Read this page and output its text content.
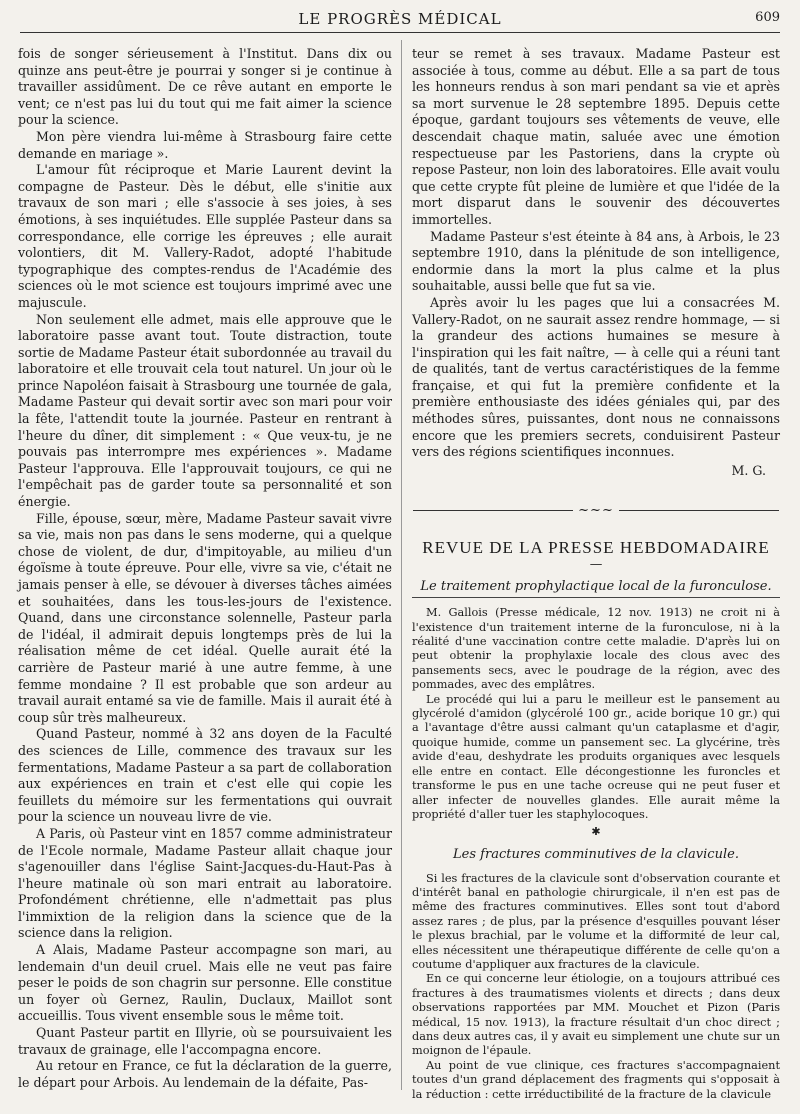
LE PROGRÈS MÉDICAL	609

fois de songer sérieusement à l'Institut. Dans dix ou quinze ans peut-être je pourrai y songer si je continue à travailler assidûment. De ce rêve autant en emporte le vent; ce n'est pas lui du tout qui me fait aimer la science pour la science.

Mon père viendra lui-même à Strasbourg faire cette demande en mariage ».

L'amour fût réciproque et Marie Laurent devint la compagne de Pasteur. Dès le début, elle s'initie aux travaux de son mari ; elle s'associe à ses joies, à ses émotions, à ses inquiétudes. Elle supplée Pasteur dans sa correspondance, elle corrige les épreuves ; elle aurait volontiers, dit M. Vallery-Radot, adopté l'habitude typographique des comptes-rendus de l'Académie des sciences où le mot science est toujours imprimé avec une majuscule.

Non seulement elle admet, mais elle approuve que le laboratoire passe avant tout. Toute distraction, toute sortie de Madame Pasteur était subordonnée au travail du laboratoire et elle trouvait cela tout naturel. Un jour où le prince Napoléon faisait à Strasbourg une tournée de gala, Madame Pasteur qui devait sortir avec son mari pour voir la fête, l'attendit toute la journée. Pasteur en rentrant à l'heure du dîner, dit simplement : « Que veux-tu, je ne pouvais pas interrompre mes expériences ». Madame Pasteur l'approuva. Elle l'approuvait toujours, ce qui ne l'empêchait pas de garder toute sa personnalité et son énergie.

Fille, épouse, sœur, mère, Madame Pasteur savait vivre sa vie, mais non pas dans le sens moderne, qui a quelque chose de violent, de dur, d'impitoyable, au milieu d'un égoïsme à toute épreuve. Pour elle, vivre sa vie, c'était ne jamais penser à elle, se dévouer à diverses tâches aimées et souhaitées, dans les tous-les-jours de l'existence. Quand, dans une circonstance solennelle, Pasteur parla de l'idéal, il admirait depuis longtemps près de lui la réalisation même de cet idéal. Quelle aurait été la carrière de Pasteur marié à une autre femme, à une femme mondaine ? Il est probable que son ardeur au travail aurait entamé sa vie de famille. Mais il aurait été à coup sûr très malheureux.

Quand Pasteur, nommé à 32 ans doyen de la Faculté des sciences de Lille, commence des travaux sur les fermentations, Madame Pasteur a sa part de collaboration aux expériences en train et c'est elle qui copie les feuillets du mémoire sur les fermentations qui ouvrait pour la science un nouveau livre de vie.

A Paris, où Pasteur vint en 1857 comme administrateur de l'Ecole normale, Madame Pasteur allait chaque jour s'agenouiller dans l'église Saint-Jacques-du-Haut-Pas à l'heure matinale où son mari entrait au laboratoire. Profondément chrétienne, elle n'admettait pas plus l'immixtion de la religion dans la science que de la science dans la religion.

A Alais, Madame Pasteur accompagne son mari, au lendemain d'un deuil cruel. Mais elle ne veut pas faire peser le poids de son chagrin sur personne. Elle constitue un foyer où Gernez, Raulin, Duclaux, Maillot sont accueillis. Tous vivent ensemble sous le même toit.

Quant Pasteur partit en Illyrie, où se poursuivaient les travaux de grainage, elle l'accompagna encore.

Au retour en France, ce fut la déclaration de la guerre, le départ pour Arbois. Au lendemain de la défaite, Pas-

teur se remet à ses travaux. Madame Pasteur est associée à tous, comme au début. Elle a sa part de tous les honneurs rendus à son mari pendant sa vie et après sa mort survenue le 28 septembre 1895. Depuis cette époque, gardant toujours ses vêtements de veuve, elle descendait chaque matin, saluée avec une émotion respectueuse par les Pastoriens, dans la crypte où repose Pasteur, non loin des laboratoires. Elle avait voulu que cette crypte fût pleine de lumière et que l'idée de la mort disparut dans le souvenir des découvertes immortelles.

Madame Pasteur s'est éteinte à 84 ans, à Arbois, le 23 septembre 1910, dans la plénitude de son intelligence, endormie dans la mort la plus calme et la plus souhaitable, aussi belle que fut sa vie.

Après avoir lu les pages que lui a consacrées M. Vallery-Radot, on ne saurait assez rendre hommage, — si la grandeur des actions humaines se mesure à l'inspiration qui les fait naître, — à celle qui a réuni tant de qualités, tant de vertus caractéristiques de la femme française, et qui fut la première confidente et la première enthousiaste des idées géniales qui, par des méthodes sûres, puissantes, dont nous ne connaissons encore que les premiers secrets, conduisirent Pasteur vers des régions scientifiques inconnues.

M. G.

~~~
REVUE DE LA PRESSE HEBDOMADAIRE
—
Le traitement prophylactique local de la furonculose.

M. Gallois (Presse médicale, 12 nov. 1913) ne croit ni à l'existence d'un traitement interne de la furonculose, ni à la réalité d'une vaccination contre cette maladie. D'après lui on peut obtenir la prophylaxie locale des clous avec des pansements secs, avec le poudrage de la région, avec des pommades, avec des emplâtres.

Le procédé qui lui a paru le meilleur est le pansement au glycérolé d'amidon (glycérolé 100 gr., acide borique 10 gr.) qui a l'avantage d'être aussi calmant qu'un cataplasme et d'agir, quoique humide, comme un pansement sec. La glycérine, très avide d'eau, deshydrate les produits organiques avec lesquels elle entre en contact. Elle décongestionne les furoncles et transforme le pus en une tache ocreuse qui ne peut fuser et aller infecter de nouvelles glandes. Elle aurait même la propriété d'aller tuer les staphylocoques.

✱
Les fractures comminutives de la clavicule.

Si les fractures de la clavicule sont d'observation courante et d'intérêt banal en pathologie chirurgicale, il n'en est pas de même des fractures comminutives. Elles sont tout d'abord assez rares ; de plus, par la présence d'esquilles pouvant léser le plexus brachial, par le volume et la difformité de leur cal, elles nécessitent une thérapeutique différente de celle qu'on a coutume d'appliquer aux fractures de la clavicule.

En ce qui concerne leur étiologie, on a toujours attribué ces fractures à des traumatismes violents et directs ; dans deux observations rapportées par MM. Mouchet et Pizon (Paris médical, 15 nov. 1913), la fracture résultait d'un choc direct ; dans deux autres cas, il y avait eu simplement une chute sur un moignon de l'épaule.

Au point de vue clinique, ces fractures s'accompagnaient toutes d'un grand déplacement des fragments qui s'opposait à la réduction : cette irréductibilité de la fracture de la clavicule
